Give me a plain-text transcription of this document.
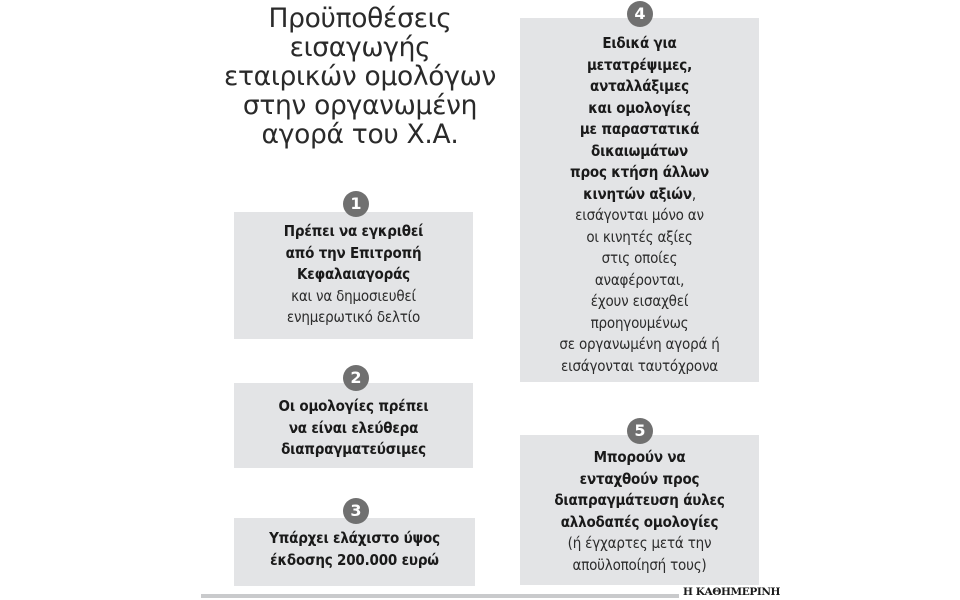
Προϋποθέσεις
εισαγωγής
εταιρικών ομολόγων
στην οργανωμένη
αγορά του Χ.Α.
Πρέπει να εγκριθεί
από την Επιτροπή
Κεφαλαιαγοράς
και να δημοσιευθεί
ενημερωτικό δελτίο
1
Οι ομολογίες πρέπει
να είναι ελεύθερα
διαπραγματεύσιμες
2
Υπάρχει ελάχιστο ύψος
έκδοσης 200.000 ευρώ
3
Ειδικά για
μετατρέψιμες,
ανταλλάξιμες
και ομολογίες
με παραστατικά
δικαιωμάτων
προς κτήση άλλων
κινητών αξιών,
εισάγονται μόνο αν
οι κινητές αξίες
στις οποίες
αναφέρονται,
έχουν εισαχθεί
προηγουμένως
σε οργανωμένη αγορά ή
εισάγονται ταυτόχρονα
4
Μπορούν να
ενταχθούν προς
διαπραγμάτευση άυλες
αλλοδαπές ομολογίες
(ή έγχαρτες μετά την
αποϋλοποίησή τους)
5
Η ΚΑΘΗΜΕΡΙΝΗ
